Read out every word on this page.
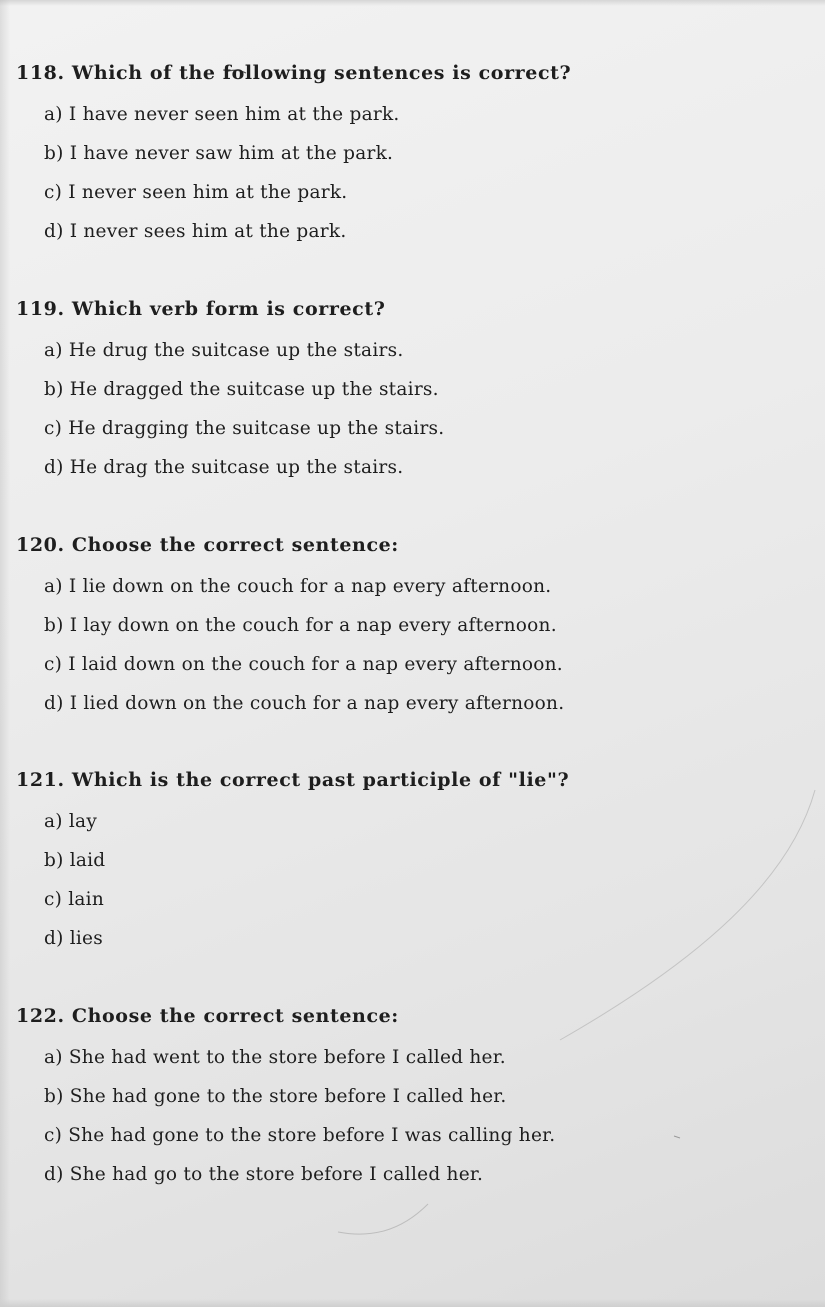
118. Which of the following sentences is correct?
a) I have never seen him at the park.
b) I have never saw him at the park.
c) I never seen him at the park.
d) I never sees him at the park.
119. Which verb form is correct?
a) He drug the suitcase up the stairs.
b) He dragged the suitcase up the stairs.
c) He dragging the suitcase up the stairs.
d) He drag the suitcase up the stairs.
120. Choose the correct sentence:
a) I lie down on the couch for a nap every afternoon.
b) I lay down on the couch for a nap every afternoon.
c) I laid down on the couch for a nap every afternoon.
d) I lied down on the couch for a nap every afternoon.
121. Which is the correct past participle of "lie"?
a) lay
b) laid
c) lain
d) lies
122. Choose the correct sentence:
a) She had went to the store before I called her.
b) She had gone to the store before I called her.
c) She had gone to the store before I was calling her.
d) She had go to the store before I called her.
